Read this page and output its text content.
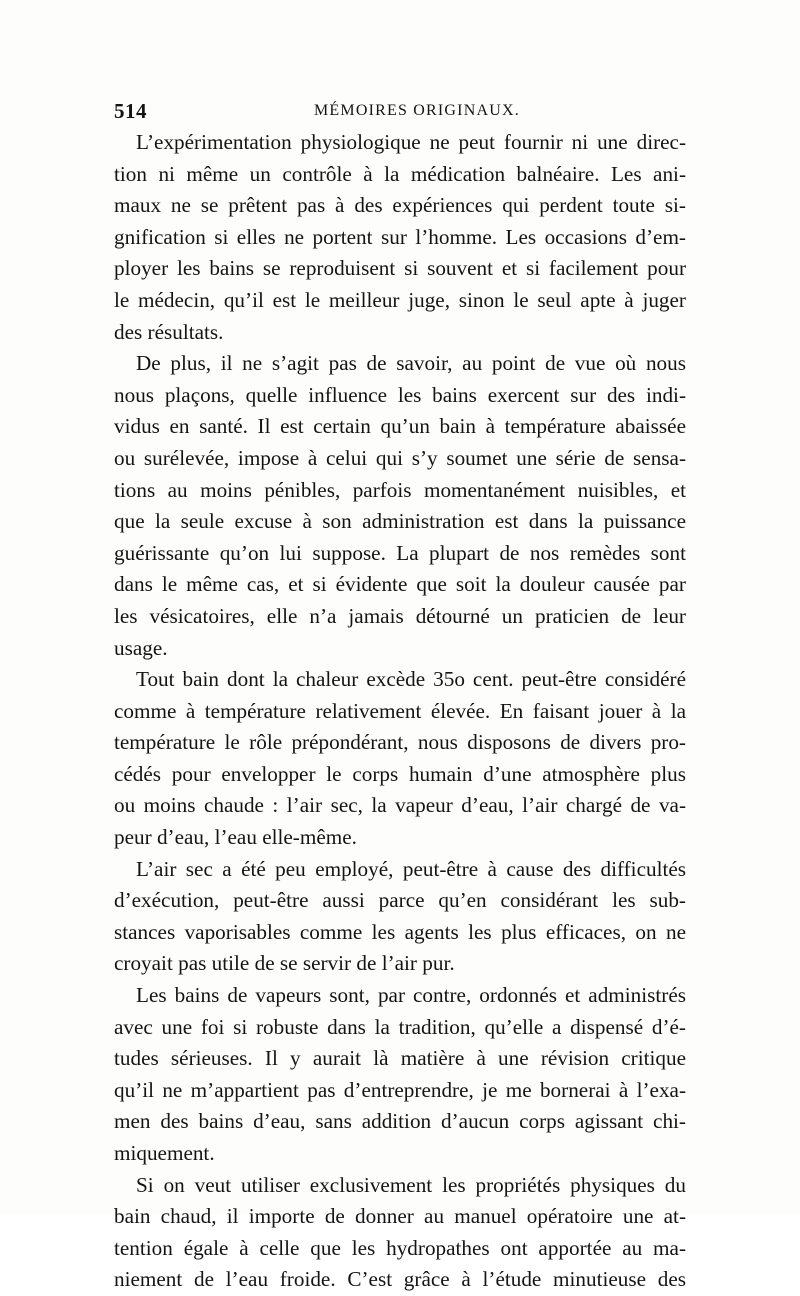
514	MÉMOIRES ORIGINAUX.
L’expérimentation physiologique ne peut fournir ni une direc-
tion ni même un contrôle à la médication balnéaire. Les ani-
maux ne se prêtent pas à des expériences qui perdent toute si-
gnification si elles ne portent sur l’homme. Les occasions d’em-
ployer les bains se reproduisent si souvent et si facilement pour
le médecin, qu’il est le meilleur juge, sinon le seul apte à juger
des résultats.
De plus, il ne s’agit pas de savoir, au point de vue où nous
nous plaçons, quelle influence les bains exercent sur des indi-
vidus en santé. Il est certain qu’un bain à température abaissée
ou surélevée, impose à celui qui s’y soumet une série de sensa-
tions au moins pénibles, parfois momentanément nuisibles, et
que la seule excuse à son administration est dans la puissance
guérissante qu’on lui suppose. La plupart de nos remèdes sont
dans le même cas, et si évidente que soit la douleur causée par
les vésicatoires, elle n’a jamais détourné un praticien de leur
usage.
Tout bain dont la chaleur excède 35o cent. peut-être considéré
comme à température relativement élevée. En faisant jouer à la
température le rôle prépondérant, nous disposons de divers pro-
cédés pour envelopper le corps humain d’une atmosphère plus
ou moins chaude : l’air sec, la vapeur d’eau, l’air chargé de va-
peur d’eau, l’eau elle-même.
L’air sec a été peu employé, peut-être à cause des difficultés
d’exécution, peut-être aussi parce qu’en considérant les sub-
stances vaporisables comme les agents les plus efficaces, on ne
croyait pas utile de se servir de l’air pur.
Les bains de vapeurs sont, par contre, ordonnés et administrés
avec une foi si robuste dans la tradition, qu’elle a dispensé d’é-
tudes sérieuses. Il y aurait là matière à une révision critique
qu’il ne m’appartient pas d’entreprendre, je me bornerai à l’exa-
men des bains d’eau, sans addition d’aucun corps agissant chi-
miquement.
Si on veut utiliser exclusivement les propriétés physiques du
bain chaud, il importe de donner au manuel opératoire une at-
tention égale à celle que les hydropathes ont apportée au ma-
niement de l’eau froide. C’est grâce à l’étude minutieuse des
